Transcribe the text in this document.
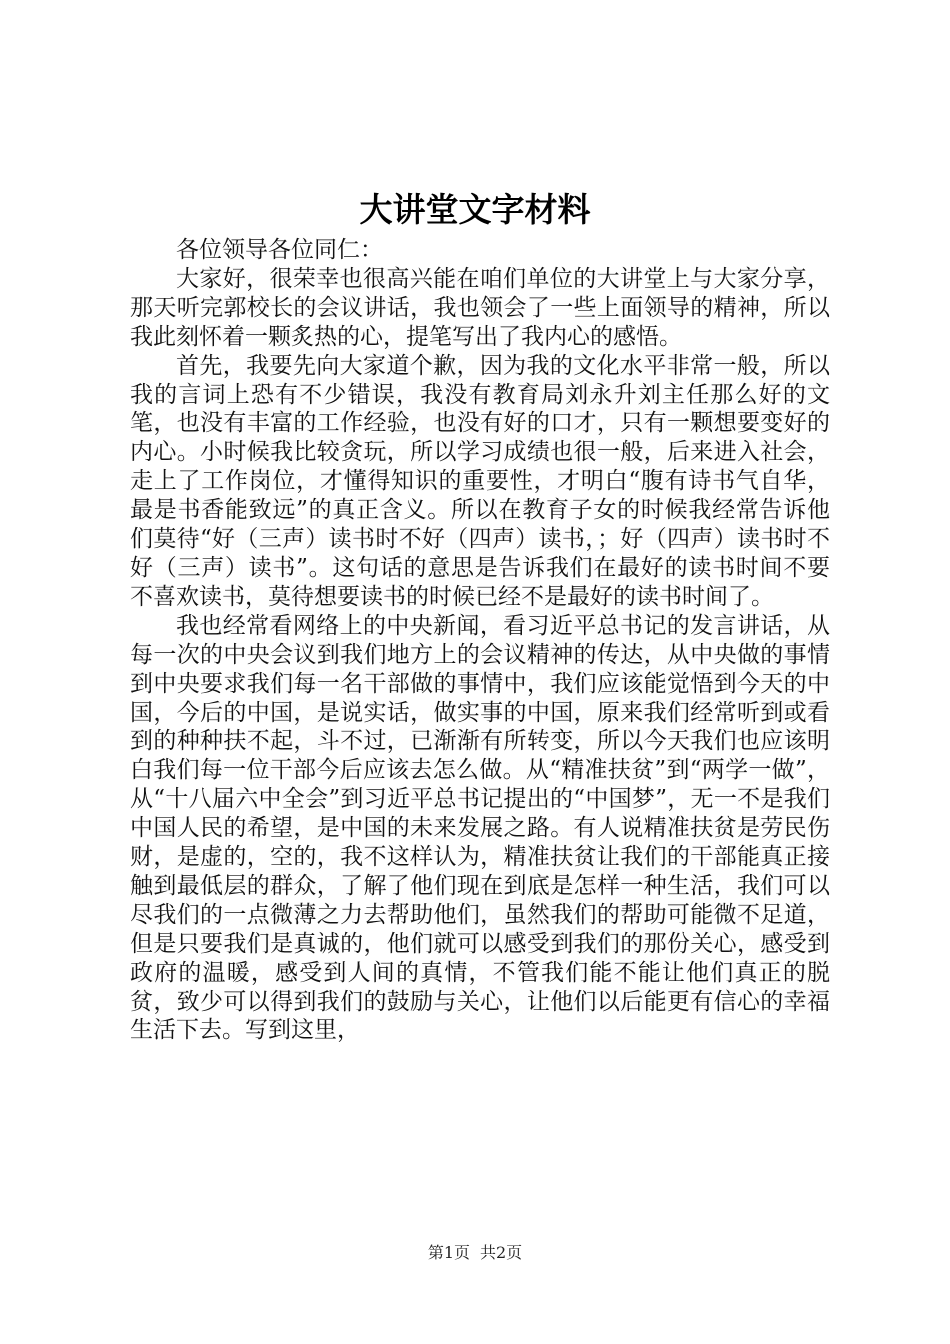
大讲堂文字材料

各位领导各位同仁：

大家好，很荣幸也很高兴能在咱们单位的大讲堂上与大家分享，那天听完郭校长的会议讲话，我也领会了一些上面领导的精神，所以我此刻怀着一颗炙热的心，提笔写出了我内心的感悟。

首先，我要先向大家道个歉，因为我的文化水平非常一般，所以我的言词上恐有不少错误，我没有教育局刘永升刘主任那么好的文笔，也没有丰富的工作经验，也没有好的口才，只有一颗想要变好的内心。小时候我比较贪玩，所以学习成绩也很一般，后来进入社会，走上了工作岗位，才懂得知识的重要性，才明白“腹有诗书气自华，最是书香能致远”的真正含义。所以在教育子女的时候我经常告诉他们莫待“好（三声）读书时不好（四声）读书，；好（四声）读书时不好（三声）读书”。这句话的意思是告诉我们在最好的读书时间不要不喜欢读书，莫待想要读书的时候已经不是最好的读书时间了。

我也经常看网络上的中央新闻，看习近平总书记的发言讲话，从每一次的中央会议到我们地方上的会议精神的传达，从中央做的事情到中央要求我们每一名干部做的事情中，我们应该能觉悟到今天的中国，今后的中国，是说实话，做实事的中国，原来我们经常听到或看到的种种扶不起，斗不过，已渐渐有所转变，所以今天我们也应该明白我们每一位干部今后应该去怎么做。从“精准扶贫”到“两学一做”，从“十八届六中全会”到习近平总书记提出的“中国梦”，无一不是我们中国人民的希望，是中国的未来发展之路。有人说精准扶贫是劳民伤财，是虚的，空的，我不这样认为，精准扶贫让我们的干部能真正接触到最低层的群众，了解了他们现在到底是怎样一种生活，我们可以尽我们的一点微薄之力去帮助他们，虽然我们的帮助可能微不足道，但是只要我们是真诚的，他们就可以感受到我们的那份关心，感受到政府的温暖，感受到人间的真情，不管我们能不能让他们真正的脱贫，致少可以得到我们的鼓励与关心，让他们以后能更有信心的幸福生活下去。写到这里，

第1页 共2页
